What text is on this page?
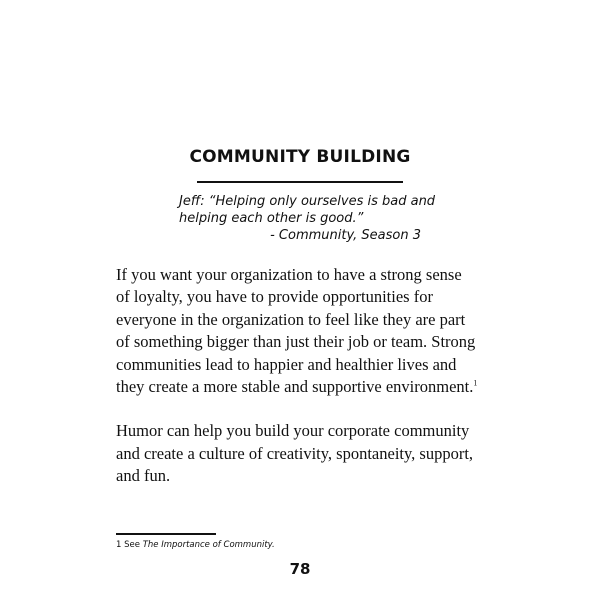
COMMUNITY BUILDING
Jeff: “Helping only ourselves is bad and
helping each other is good.”
- Community, Season 3
If you want your organization to have a strong sense
of loyalty, you have to provide opportunities for
everyone in the organization to feel like they are part
of something bigger than just their job or team. Strong
communities lead to happier and healthier lives and
they create a more stable and supportive environment.$^1$
Humor can help you build your corporate community
and create a culture of creativity, spontaneity, support,
and fun.
1 See The Importance of Community.
78
